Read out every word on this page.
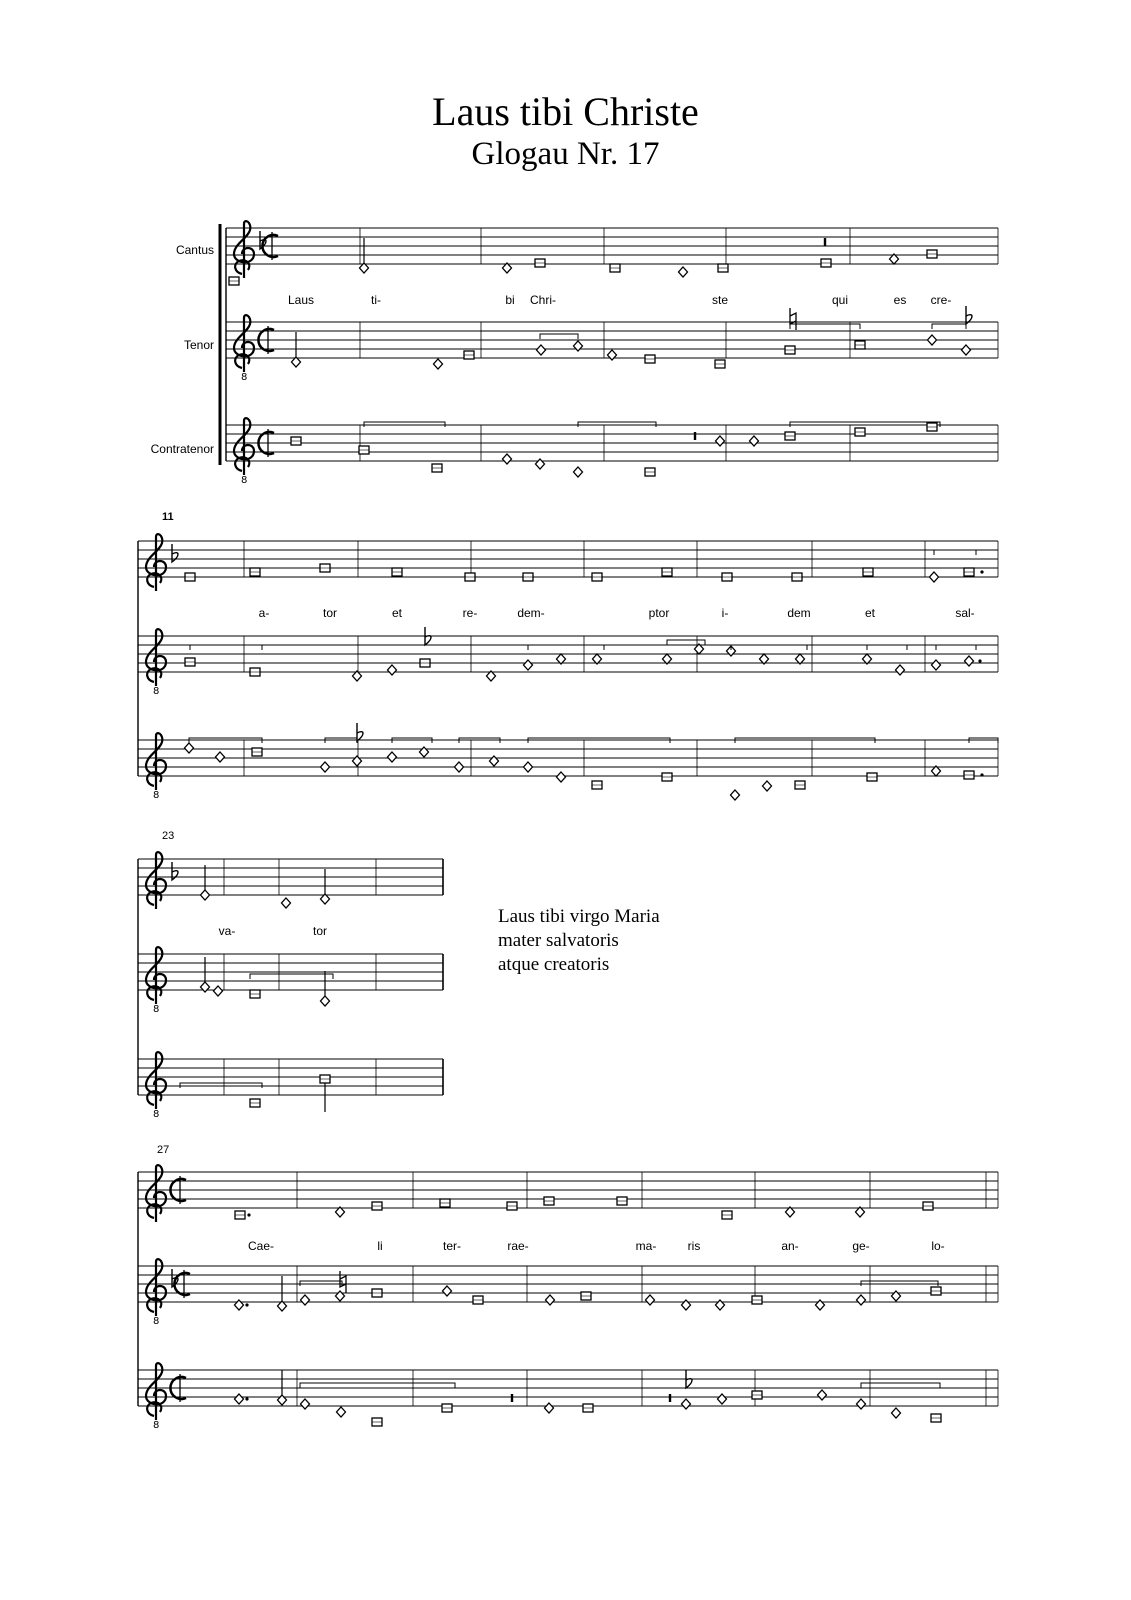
Laus tibi Christe
Glogau Nr. 17
Cantus
Tenor
Contratenor
11
23
27
8
8
8
8
8
8
8
8
Laus	ti-	bi Chri-	ste	qui	es cre-
a-	tor	et	re-	dem-	ptor	i-	dem	et	sal-
va-	tor
Cae-	li	ter-	rae-	ma-	ris	an-	ge-	lo-
Laus tibi virgo Maria
mater salvatoris
atque creatoris
